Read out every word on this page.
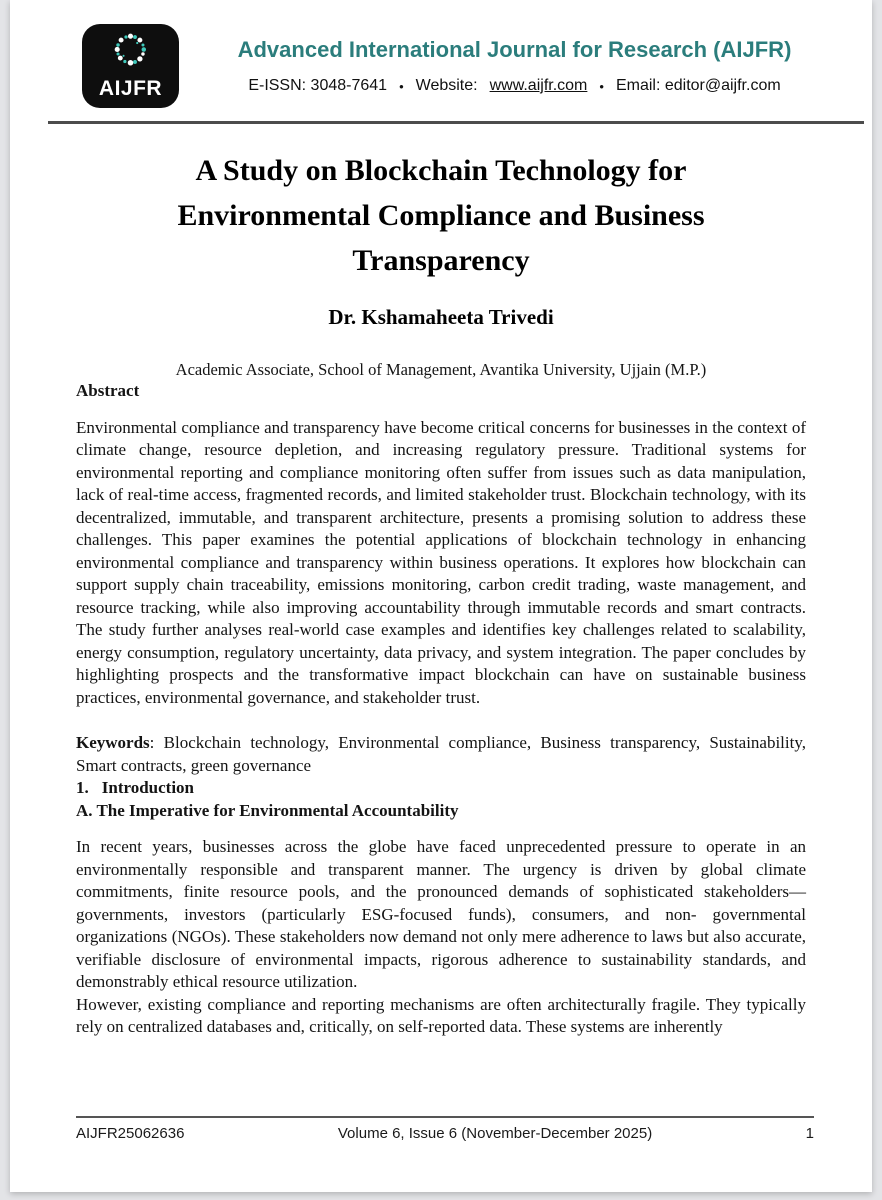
AIJFR
Advanced International Journal for Research (AIJFR)
E-ISSN: 3048-7641 • Website: www.aijfr.com • Email: editor@aijfr.com
A Study on Blockchain Technology for Environmental Compliance and Business Transparency
Dr. Kshamaheeta Trivedi
Academic Associate, School of Management, Avantika University, Ujjain (M.P.)

Abstract

Environmental compliance and transparency have become critical concerns for businesses in the context of climate change, resource depletion, and increasing regulatory pressure. Traditional systems for environmental reporting and compliance monitoring often suffer from issues such as data manipulation, lack of real-time access, fragmented records, and limited stakeholder trust. Blockchain technology, with its decentralized, immutable, and transparent architecture, presents a promising solution to address these challenges. This paper examines the potential applications of blockchain technology in enhancing environmental compliance and transparency within business operations. It explores how blockchain can support supply chain traceability, emissions monitoring, carbon credit trading, waste management, and resource tracking, while also improving accountability through immutable records and smart contracts. The study further analyses real-world case examples and identifies key challenges related to scalability, energy consumption, regulatory uncertainty, data privacy, and system integration. The paper concludes by highlighting prospects and the transformative impact blockchain can have on sustainable business practices, environmental governance, and stakeholder trust.

Keywords: Blockchain technology, Environmental compliance, Business transparency, Sustainability, Smart contracts, green governance

1. Introduction

A. The Imperative for Environmental Accountability

In recent years, businesses across the globe have faced unprecedented pressure to operate in an environmentally responsible and transparent manner. The urgency is driven by global climate commitments, finite resource pools, and the pronounced demands of sophisticated stakeholders—governments, investors (particularly ESG-focused funds), consumers, and non- governmental organizations (NGOs). These stakeholders now demand not only mere adherence to laws but also accurate, verifiable disclosure of environmental impacts, rigorous adherence to sustainability standards, and demonstrably ethical resource utilization.

However, existing compliance and reporting mechanisms are often architecturally fragile. They typically rely on centralized databases and, critically, on self-reported data. These systems are inherently

AIJFR25062636	Volume 6, Issue 6 (November-December 2025)	1
